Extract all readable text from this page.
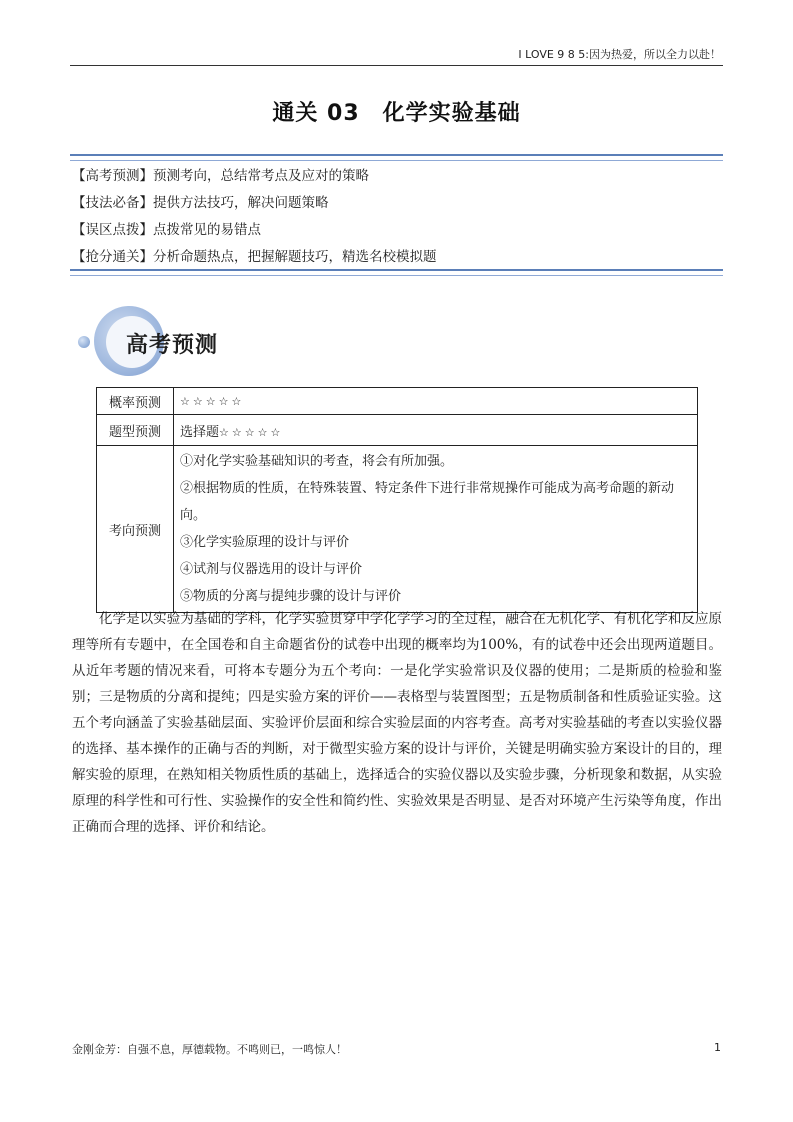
I LOVE 9 8 5:因为热爱，所以全力以赴！
通关 03　化学实验基础
【高考预测】预测考向，总结常考点及应对的策略
【技法必备】提供方法技巧，解决问题策略
【误区点拨】点拨常见的易错点
【抢分通关】分析命题热点，把握解题技巧，精选名校模拟题
高考预测
概率预测	☆☆☆☆☆
题型预测	选择题☆☆☆☆☆
考向预测	①对化学实验基础知识的考查，将会有所加强。
②根据物质的性质，在特殊装置、特定条件下进行非常规操作可能成为高考命题的新动向。
③化学实验原理的设计与评价
④试剂与仪器选用的设计与评价
⑤物质的分离与提纯步骤的设计与评价

化学是以实验为基础的学科，化学实验贯穿中学化学学习的全过程，融合在无机化学、有机化学和反应原理等所有专题中，在全国卷和自主命题省份的试卷中出现的概率均为100%，有的试卷中还会出现两道题目。从近年考题的情况来看，可将本专题分为五个考向：一是化学实验常识及仪器的使用；二是斯质的检验和鉴别；三是物质的分离和提纯；四是实验方案的评价——表格型与装置图型；五是物质制备和性质验证实验。这五个考向涵盖了实验基础层面、实验评价层面和综合实验层面的内容考查。高考对实验基础的考查以实验仪器的选择、基本操作的正确与否的判断，对于微型实验方案的设计与评价，关键是明确实验方案设计的目的，理解实验的原理，在熟知相关物质性质的基础上，选择适合的实验仪器以及实验步骤，分析现象和数据，从实验原理的科学性和可行性、实验操作的安全性和简约性、实验效果是否明显、是否对环境产生污染等角度，作出正确而合理的选择、评价和结论。

金刚金芳：自强不息，厚德载物。不鸣则已，一鸣惊人！	1
